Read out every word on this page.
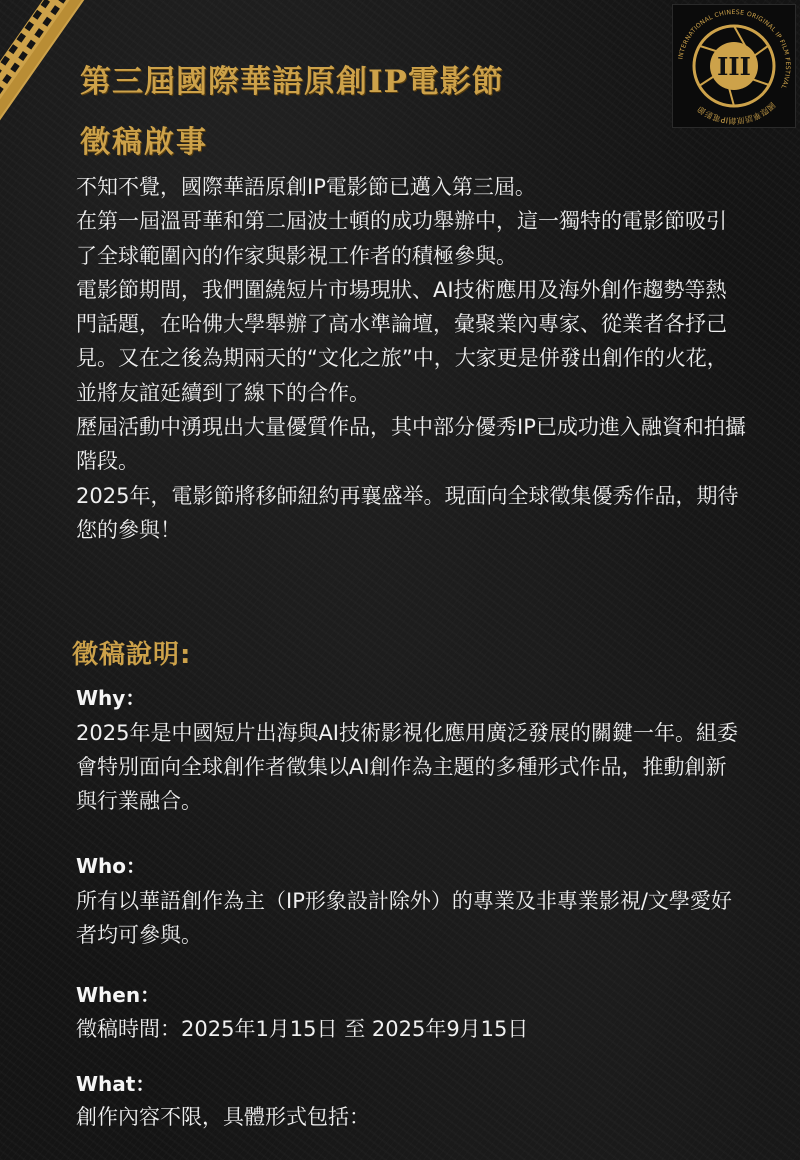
III
INTERNATIONAL CHINESE ORIGINAL IP FILM FESTIVAL
國際華語原創IP電影節
第三屆國際華語原創IP電影節
徵稿啟事

不知不覺，國際華語原創IP電影節已邁入第三屆。

在第一屆溫哥華和第二屆波士頓的成功舉辦中，這一獨特的電影節吸引了全球範圍內的作家與影視工作者的積極參與。

電影節期間，我們圍繞短片市場現狀、AI技術應用及海外創作趨勢等熱門話題，在哈佛大學舉辦了高水準論壇，彙聚業內專家、從業者各抒己見。又在之後為期兩天的“文化之旅”中，大家更是併發出創作的火花，並將友誼延續到了線下的合作。

歷屆活動中湧現出大量優質作品，其中部分優秀IP已成功進入融資和拍攝階段。

2025年，電影節將移師紐約再襄盛举。現面向全球徵集優秀作品，期待您的參與！

徵稿說明:
Why：
2025年是中國短片出海與AI技術影視化應用廣泛發展的關鍵一年。組委會特別面向全球創作者徵集以AI創作為主題的多種形式作品，推動創新與行業融合。
Who：
所有以華語創作為主（IP形象設計除外）的專業及非專業影視/文學愛好者均可參與。
When：
徵稿時間：2025年1月15日 至 2025年9月15日
What：
創作內容不限，具體形式包括：
